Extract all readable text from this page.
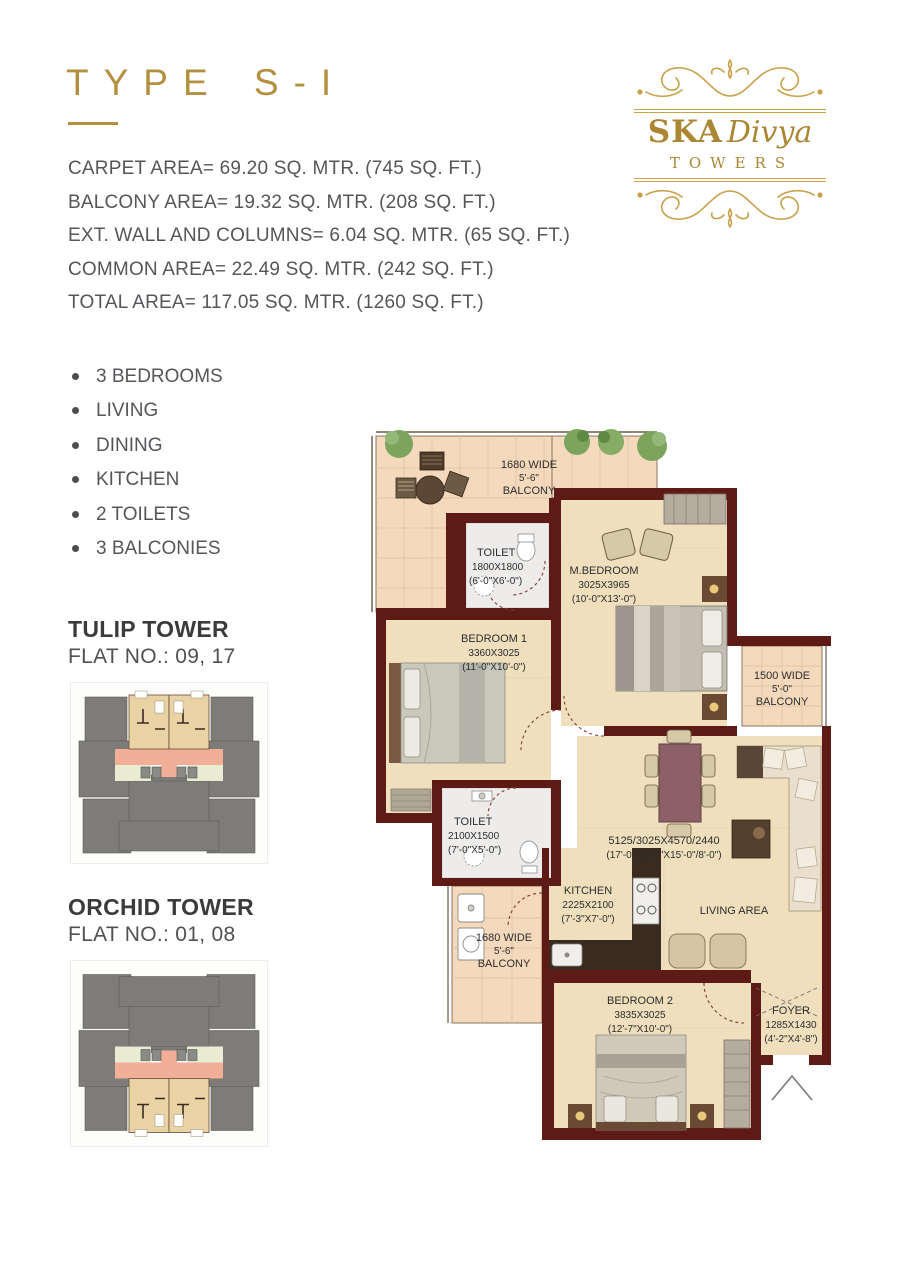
TYPE S-I
CARPET AREA= 69.20 SQ. MTR. (745 SQ. FT.)
BALCONY AREA= 19.32 SQ. MTR. (208 SQ. FT.)
EXT. WALL AND COLUMNS= 6.04 SQ. MTR. (65 SQ. FT.)
COMMON AREA= 22.49 SQ. MTR. (242 SQ. FT.)
TOTAL AREA= 117.05 SQ. MTR. (1260 SQ. FT.)
3 BEDROOMS
LIVING
DINING
KITCHEN
2 TOILETS
3 BALCONIES
TULIP TOWER
FLAT NO.: 09, 17
ORCHID TOWER
FLAT NO.: 01, 08
SKA Divya
TOWERS
1680 WIDE
5'-6"
BALCONY
TOILET
1800X1800
(6'-0"X6'-0")
M.BEDROOM
3025X3965
(10'-0"X13'-0")
BEDROOM 1
3360X3025
(11'-0"X10'-0")
TOILET
2100X1500
(7'-0"X5'-0")
1500 WIDE
5'-0"
BALCONY
5125/3025X4570/2440
(17'-0"/10'-0"X15'-0"/8'-0")
LIVING AREA
KITCHEN
2225X2100
(7'-3"X7'-0")
1680 WIDE
5'-6"
BALCONY
BEDROOM 2
3835X3025
(12'-7"X10'-0")
FOYER
1285X1430
(4'-2"X4'-8")
